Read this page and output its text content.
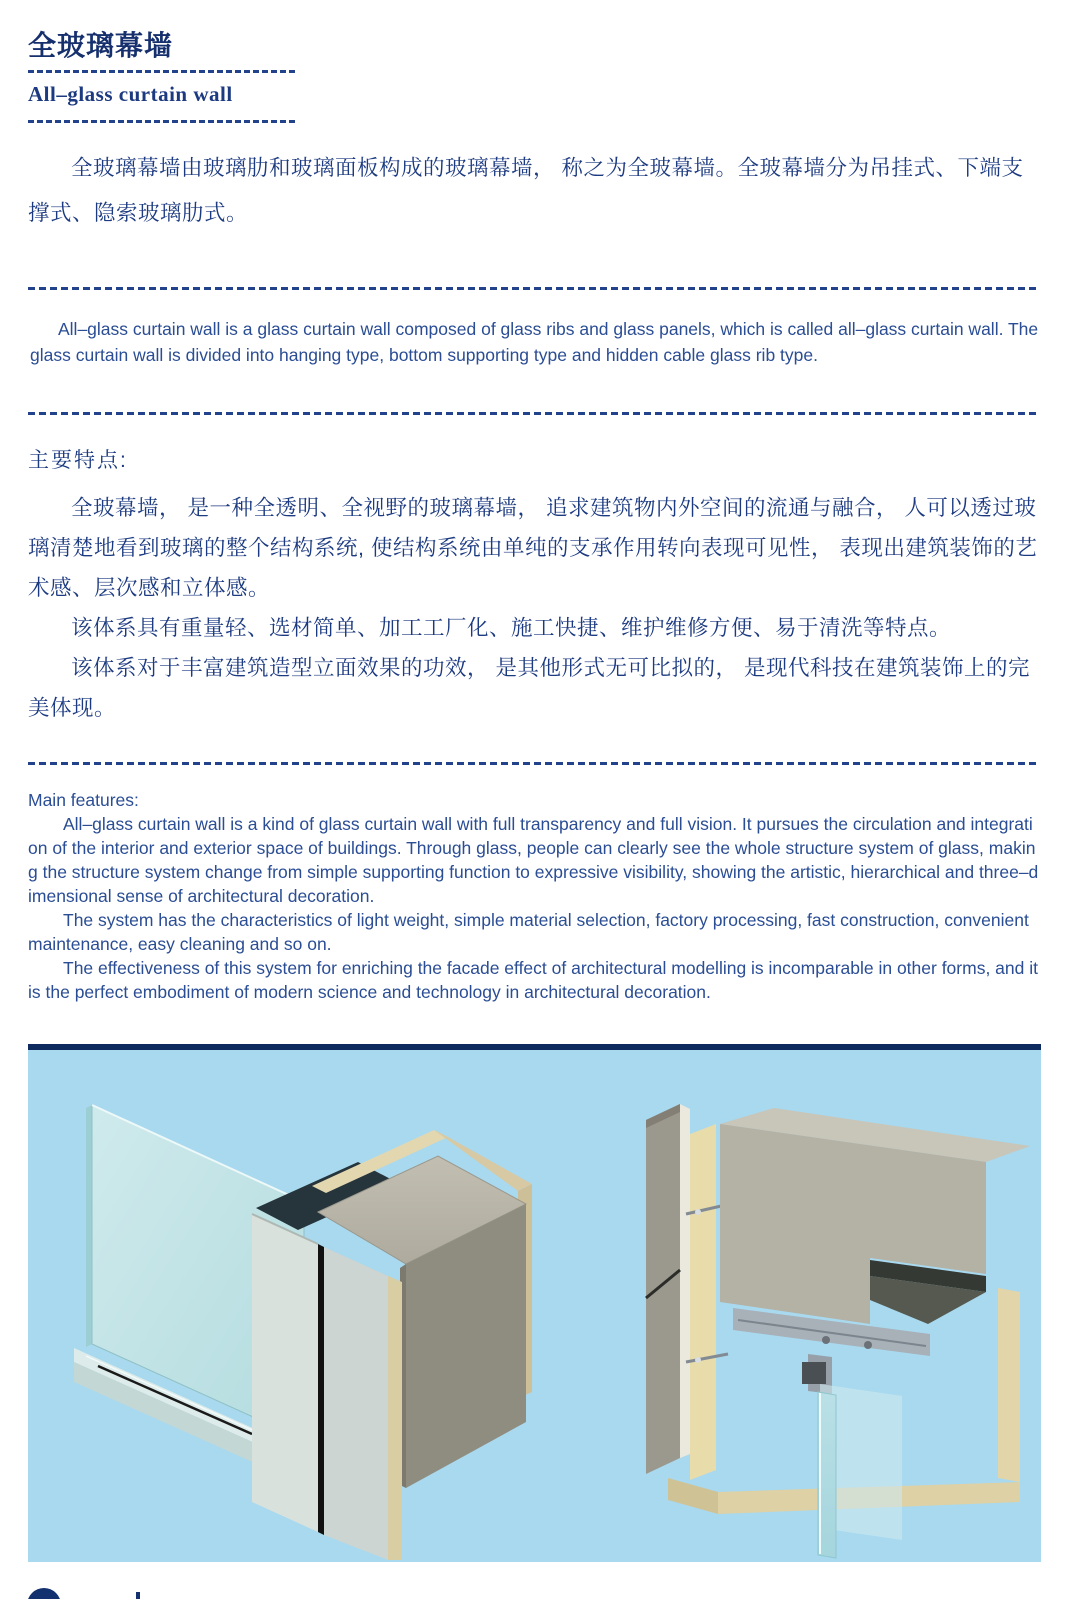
全玻璃幕墙
All–glass curtain wall
全玻璃幕墙由玻璃肋和玻璃面板构成的玻璃幕墙， 称之为全玻幕墙。全玻幕墙分为吊挂式、下端支撑式、隐索玻璃肋式。
All–glass curtain wall is a glass curtain wall composed of glass ribs and glass panels, which is called all–glass curtain wall. The glass curtain wall is divided into hanging type, bottom supporting type and hidden cable glass rib type.
主要特点:

全玻幕墙， 是一种全透明、全视野的玻璃幕墙， 追求建筑物内外空间的流通与融合， 人可以透过玻璃清楚地看到玻璃的整个结构系统, 使结构系统由单纯的支承作用转向表现可见性， 表现出建筑装饰的艺术感、层次感和立体感。

该体系具有重量轻、选材简单、加工工厂化、施工快捷、维护维修方便、易于清洗等特点。

该体系对于丰富建筑造型立面效果的功效， 是其他形式无可比拟的， 是现代科技在建筑装饰上的完美体现。

Main features:

All–glass curtain wall is a kind of glass curtain wall with full transparency and full vision. It pursues the circulation and integration of the interior and exterior space of buildings. Through glass, people can clearly see the whole structure system of glass, making the structure system change from simple supporting function to expressive visibility, showing the artistic, hierarchical and three–dimensional sense of architectural decoration.

The system has the characteristics of light weight, simple material selection, factory processing, fast construction, convenient maintenance, easy cleaning and so on.

The effectiveness of this system for enriching the facade effect of architectural modelling is incomparable in other forms, and it is the perfect embodiment of modern science and technology in architectural decoration.
